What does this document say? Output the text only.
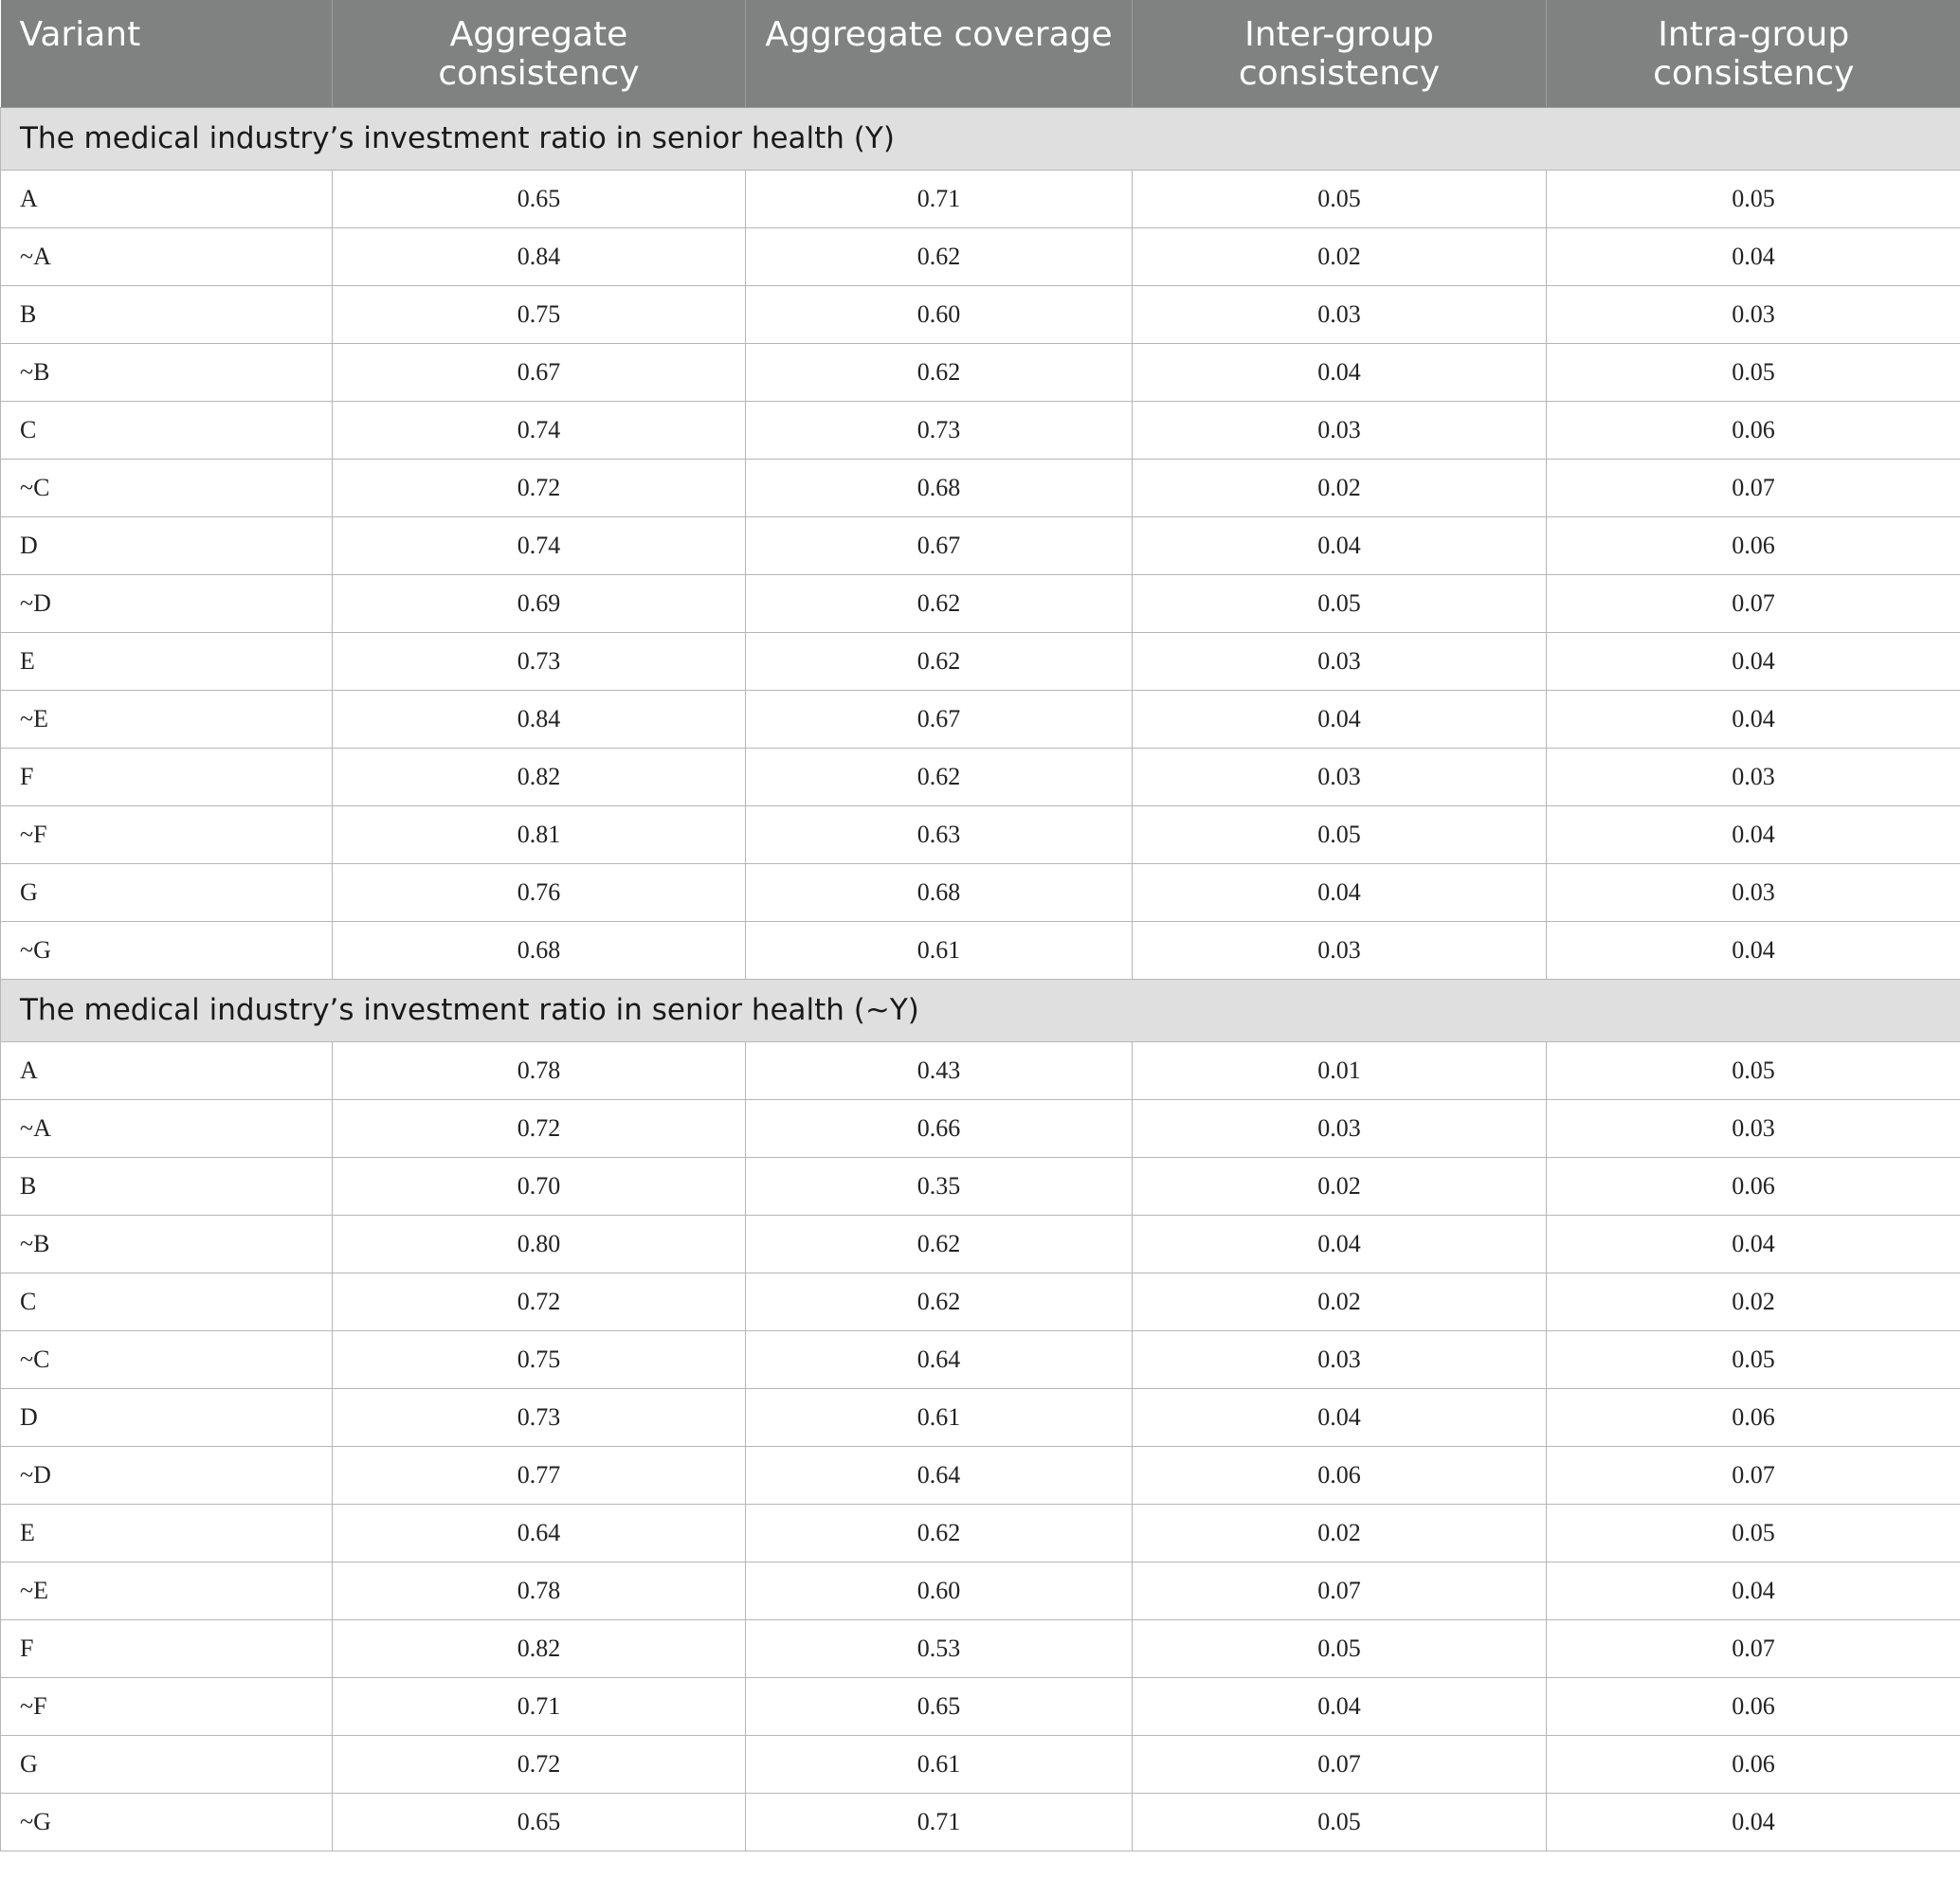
Variant	Aggregate consistency	Aggregate coverage	Inter-group consistency	Intra-group consistency
The medical industry’s investment ratio in senior health (Y)				
A	0.65	0.71	0.05	0.05
~A	0.84	0.62	0.02	0.04
B	0.75	0.60	0.03	0.03
~B	0.67	0.62	0.04	0.05
C	0.74	0.73	0.03	0.06
~C	0.72	0.68	0.02	0.07
D	0.74	0.67	0.04	0.06
~D	0.69	0.62	0.05	0.07
E	0.73	0.62	0.03	0.04
~E	0.84	0.67	0.04	0.04
F	0.82	0.62	0.03	0.03
~F	0.81	0.63	0.05	0.04
G	0.76	0.68	0.04	0.03
~G	0.68	0.61	0.03	0.04
The medical industry’s investment ratio in senior health (~Y)				
A	0.78	0.43	0.01	0.05
~A	0.72	0.66	0.03	0.03
B	0.70	0.35	0.02	0.06
~B	0.80	0.62	0.04	0.04
C	0.72	0.62	0.02	0.02
~C	0.75	0.64	0.03	0.05
D	0.73	0.61	0.04	0.06
~D	0.77	0.64	0.06	0.07
E	0.64	0.62	0.02	0.05
~E	0.78	0.60	0.07	0.04
F	0.82	0.53	0.05	0.07
~F	0.71	0.65	0.04	0.06
G	0.72	0.61	0.07	0.06
~G	0.65	0.71	0.05	0.04
